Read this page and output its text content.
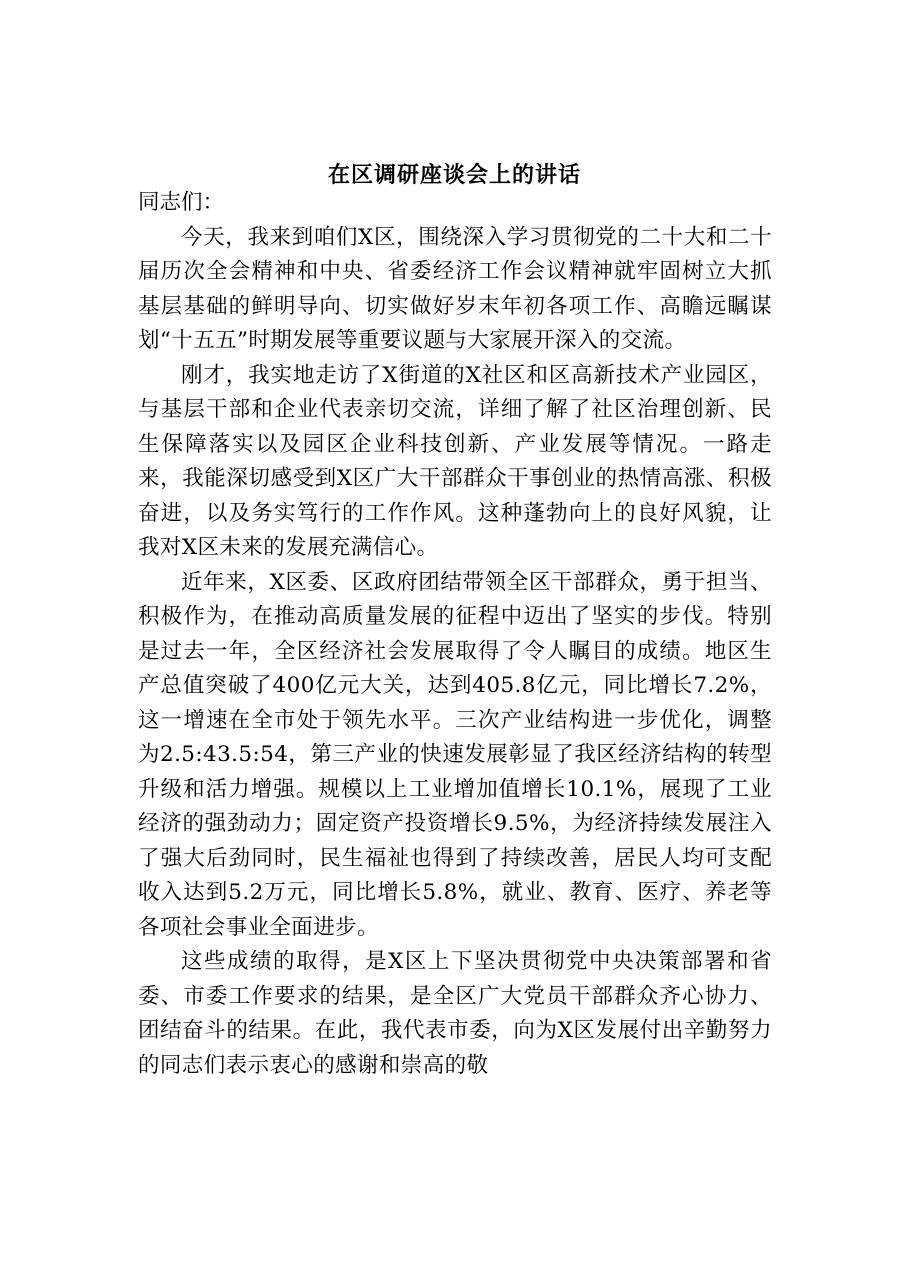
在区调研座谈会上的讲话

同志们：

今天，我来到咱们X区，围绕深入学习贯彻党的二十大和二十届历次全会精神和中央、省委经济工作会议精神就牢固树立大抓基层基础的鲜明导向、切实做好岁末年初各项工作、高瞻远瞩谋划“十五五”时期发展等重要议题与大家展开深入的交流。

刚才，我实地走访了X街道的X社区和区高新技术产业园区，与基层干部和企业代表亲切交流，详细了解了社区治理创新、民生保障落实以及园区企业科技创新、产业发展等情况。一路走来，我能深切感受到X区广大干部群众干事创业的热情高涨、积极奋进，以及务实笃行的工作作风。这种蓬勃向上的良好风貌，让我对X区未来的发展充满信心。

近年来，X区委、区政府团结带领全区干部群众，勇于担当、积极作为，在推动高质量发展的征程中迈出了坚实的步伐。特别是过去一年，全区经济社会发展取得了令人瞩目的成绩。地区生产总值突破了400亿元大关，达到405.8亿元，同比增长7.2%，这一增速在全市处于领先水平。三次产业结构进一步优化，调整为2.5:43.5:54，第三产业的快速发展彰显了我区经济结构的转型升级和活力增强。规模以上工业增加值增长10.1%，展现了工业经济的强劲动力；固定资产投资增长9.5%，为经济持续发展注入了强大后劲同时，民生福祉也得到了持续改善，居民人均可支配收入达到5.2万元，同比增长5.8%，就业、教育、医疗、养老等各项社会事业全面进步。

这些成绩的取得，是X区上下坚决贯彻党中央决策部署和省委、市委工作要求的结果，是全区广大党员干部群众齐心协力、团结奋斗的结果。在此，我代表市委，向为X区发展付出辛勤努力的同志们表示衷心的感谢和崇高的敬
